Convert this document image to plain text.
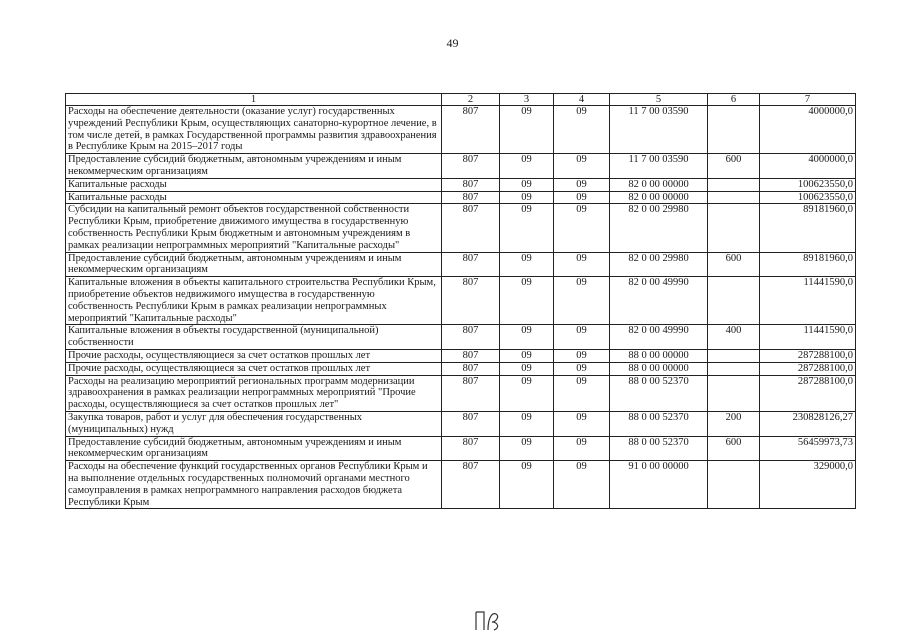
49
1	2	3	4	5	6	7
Расходы на обеспечение деятельности (оказание услуг) государственных учреждений Республики Крым, осуществляющих санаторно-курортное лечение, в том числе детей, в рамках Государственной программы развития здравоохранения в Республике Крым на 2015–2017 годы	807	09	09	11 7 00 03590		4000000,0
Предоставление субсидий бюджетным, автономным учреждениям и иным некоммерческим организациям	807	09	09	11 7 00 03590	600	4000000,0
Капитальные расходы	807	09	09	82 0 00 00000		100623550,0
Капитальные расходы	807	09	09	82 0 00 00000		100623550,0
Субсидии на капитальный ремонт объектов государственной собственности Республики Крым, приобретение движимого имущества в государственную собственность Республики Крым бюджетным и автономным учреждениям в рамках реализации непрограммных мероприятий "Капитальные расходы"	807	09	09	82 0 00 29980		89181960,0
Предоставление субсидий бюджетным, автономным учреждениям и иным некоммерческим организациям	807	09	09	82 0 00 29980	600	89181960,0
Капитальные вложения в объекты капитального строительства Республики Крым, приобретение объектов недвижимого имущества в государственную собственность Республики Крым в рамках реализации непрограммных мероприятий "Капитальные расходы"	807	09	09	82 0 00 49990		11441590,0
Капитальные вложения в объекты государственной (муниципальной) собственности	807	09	09	82 0 00 49990	400	11441590,0
Прочие расходы, осуществляющиеся за счет остатков прошлых лет	807	09	09	88 0 00 00000		287288100,0
Прочие расходы, осуществляющиеся за счет остатков прошлых лет	807	09	09	88 0 00 00000		287288100,0
Расходы на реализацию мероприятий региональных программ модернизации здравоохранения в рамках реализации непрограммных мероприятий "Прочие расходы, осуществляющиеся за счет остатков прошлых лет"	807	09	09	88 0 00 52370		287288100,0
Закупка товаров, работ и услуг для обеспечения государственных (муниципальных) нужд	807	09	09	88 0 00 52370	200	230828126,27
Предоставление субсидий бюджетным, автономным учреждениям и иным некоммерческим организациям	807	09	09	88 0 00 52370	600	56459973,73
Расходы на обеспечение функций государственных органов Республики Крым и на выполнение отдельных государственных полномочий органами местного самоуправления в рамках непрограммного направления расходов бюджета Республики Крым	807	09	09	91 0 00 00000		329000,0
